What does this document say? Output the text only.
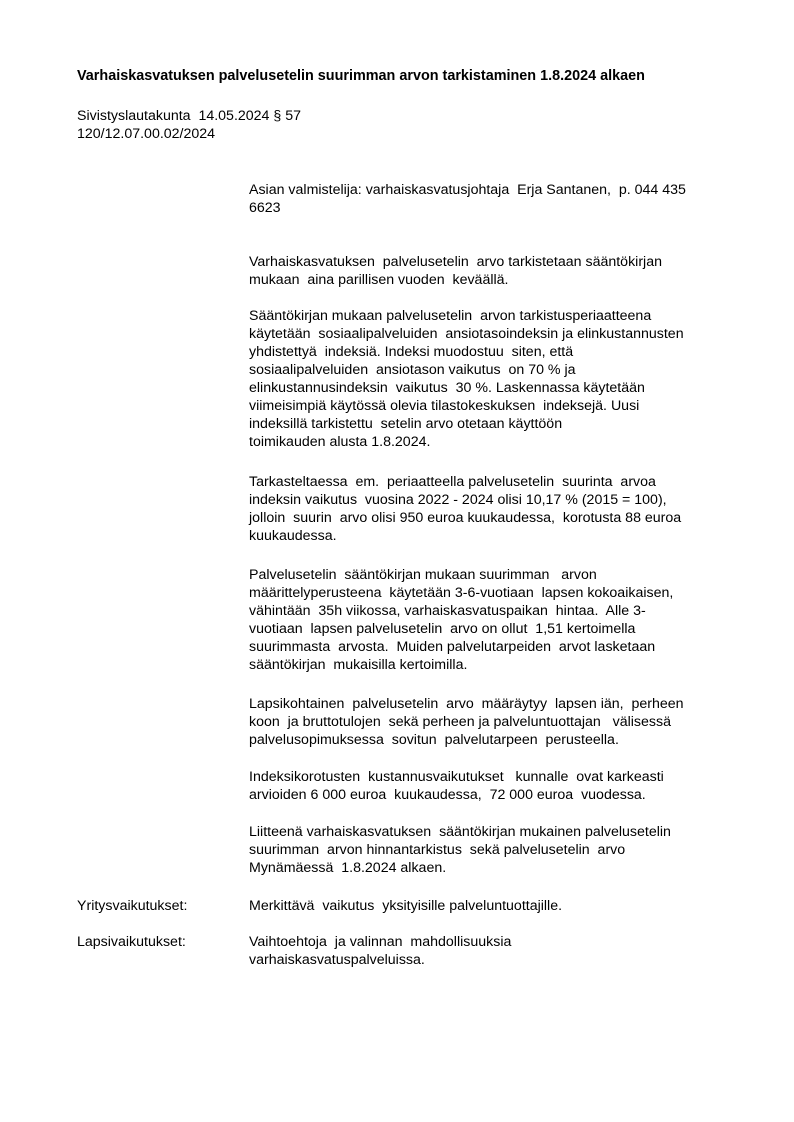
Varhaiskasvatuksen palvelusetelin suurimman arvon tarkistaminen 1.8.2024 alkaen
Sivistyslautakunta  14.05.2024 § 57
120/12.07.00.02/2024
Asian valmistelija: varhaiskasvatusjohtaja  Erja Santanen,  p. 044 435
6623
Varhaiskasvatuksen  palvelusetelin  arvo tarkistetaan sääntökirjan
mukaan  aina parillisen vuoden  keväällä.
Sääntökirjan mukaan palvelusetelin  arvon tarkistusperiaatteena
käytetään  sosiaalipalveluiden  ansiotasoindeksin ja elinkustannusten
yhdistettyä  indeksiä. Indeksi muodostuu  siten, että
sosiaalipalveluiden  ansiotason vaikutus  on 70 % ja
elinkustannusindeksin  vaikutus  30 %. Laskennassa käytetään
viimeisimpiä käytössä olevia tilastokeskuksen  indeksejä. Uusi
indeksillä tarkistettu  setelin arvo otetaan käyttöön
toimikauden alusta 1.8.2024.
Tarkasteltaessa  em.  periaatteella palvelusetelin  suurinta  arvoa
indeksin vaikutus  vuosina 2022 - 2024 olisi 10,17 % (2015 = 100),
jolloin  suurin  arvo olisi 950 euroa kuukaudessa,  korotusta 88 euroa
kuukaudessa.
Palvelusetelin  sääntökirjan mukaan suurimman   arvon
määrittelyperusteena  käytetään 3-6-vuotiaan  lapsen kokoaikaisen,
vähintään  35h viikossa, varhaiskasvatuspaikan  hintaa.  Alle 3-
vuotiaan  lapsen palvelusetelin  arvo on ollut  1,51 kertoimella
suurimmasta  arvosta.  Muiden palvelutarpeiden  arvot lasketaan
sääntökirjan  mukaisilla kertoimilla.
Lapsikohtainen  palvelusetelin  arvo  määräytyy  lapsen iän,  perheen
koon  ja bruttotulojen  sekä perheen ja palveluntuottajan   välisessä
palvelusopimuksessa  sovitun  palvelutarpeen  perusteella.
Indeksikorotusten  kustannusvaikutukset   kunnalle  ovat karkeasti
arvioiden 6 000 euroa  kuukaudessa,  72 000 euroa  vuodessa.
Liitteenä varhaiskasvatuksen  sääntökirjan mukainen palvelusetelin
suurimman  arvon hinnantarkistus  sekä palvelusetelin  arvo
Mynämäessä  1.8.2024 alkaen.
Yritysvaikutukset:	Merkittävä  vaikutus  yksityisille palveluntuottajille.
Lapsivaikutukset:	Vaihtoehtoja  ja valinnan  mahdollisuuksia
varhaiskasvatuspalveluissa.
